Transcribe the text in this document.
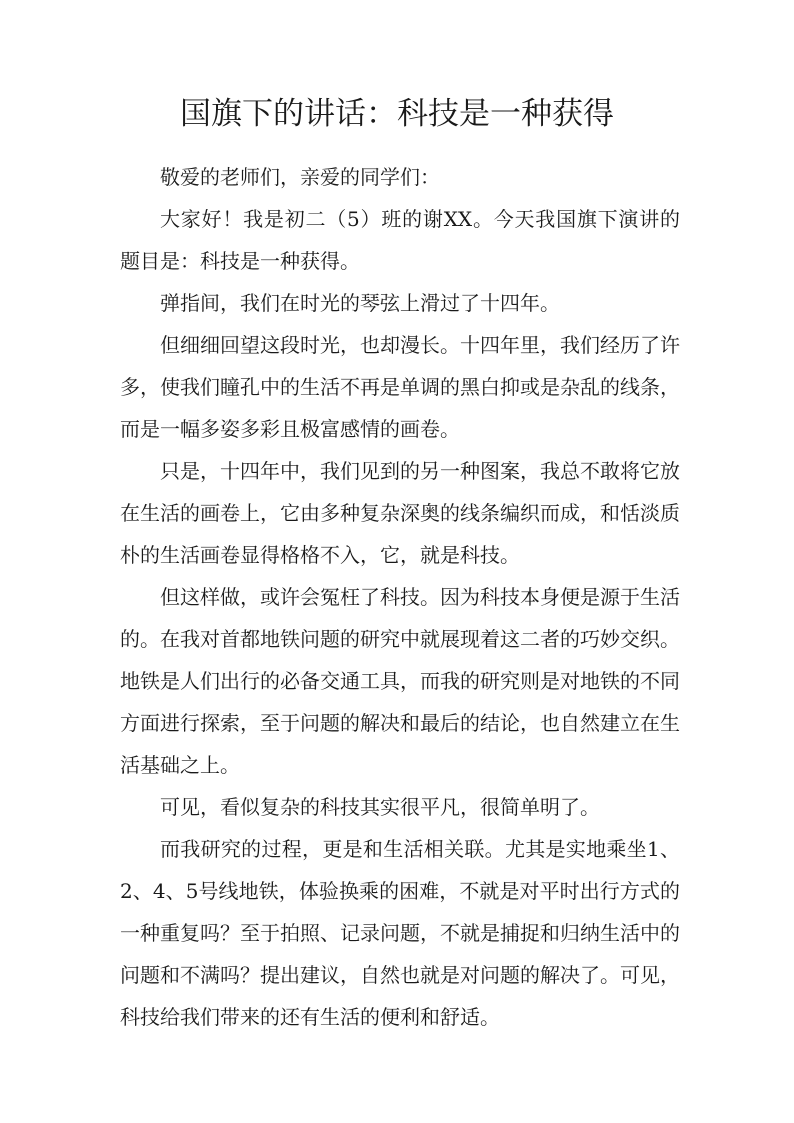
国旗下的讲话：科技是一种获得

敬爱的老师们，亲爱的同学们：

大家好！我是初二（5）班的谢XX。今天我国旗下演讲的题目是：科技是一种获得。

弹指间，我们在时光的琴弦上滑过了十四年。

但细细回望这段时光，也却漫长。十四年里，我们经历了许多，使我们瞳孔中的生活不再是单调的黑白抑或是杂乱的线条，而是一幅多姿多彩且极富感情的画卷。

只是，十四年中，我们见到的另一种图案，我总不敢将它放在生活的画卷上，它由多种复杂深奥的线条编织而成，和恬淡质朴的生活画卷显得格格不入，它，就是科技。

但这样做，或许会冤枉了科技。因为科技本身便是源于生活的。在我对首都地铁问题的研究中就展现着这二者的巧妙交织。地铁是人们出行的必备交通工具，而我的研究则是对地铁的不同方面进行探索，至于问题的解决和最后的结论，也自然建立在生活基础之上。

可见，看似复杂的科技其实很平凡，很简单明了。

而我研究的过程，更是和生活相关联。尤其是实地乘坐1、2、4、5号线地铁，体验换乘的困难，不就是对平时出行方式的一种重复吗？至于拍照、记录问题，不就是捕捉和归纳生活中的问题和不满吗？提出建议，自然也就是对问题的解决了。可见，科技给我们带来的还有生活的便利和舒适。
